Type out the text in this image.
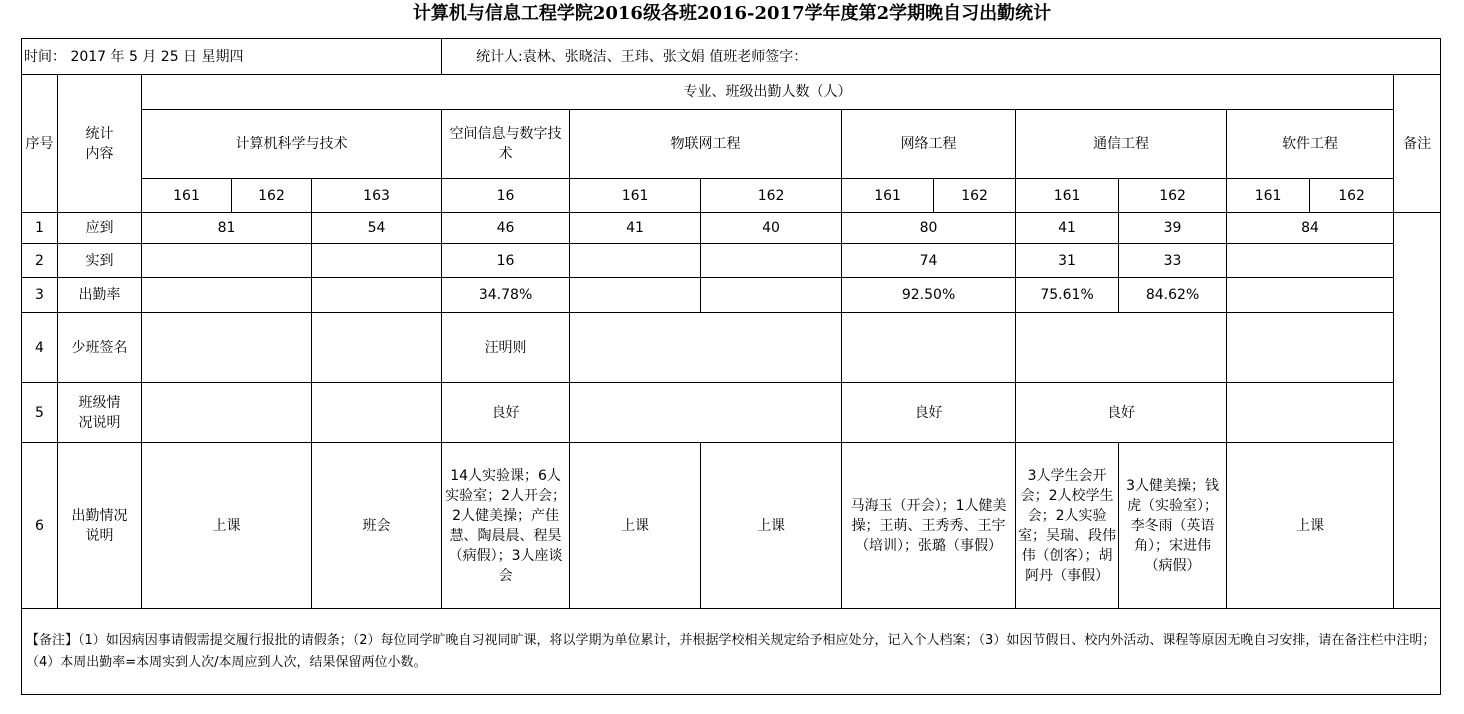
计算机与信息工程学院2016级各班2016-2017学年度第2学期晚自习出勤统计
时间： 2017 年 5 月 25 日 星期四					统计人:袁林、张晓洁、王玮、张文娟 值班老师签字：									
序号	统计
内容	专业、班级出勤人数（人）												备注
		计算机科学与技术			空间信息与数字技术	物联网工程		网络工程		通信工程		软件工程		
		161	162	163	16	161	162	161	162	161	162	161	162	
1	应到	81		54	46	41	40	80		41	39	84		
2	实到				16			74		31	33			
3	出勤率				34.78%			92.50%		75.61%	84.62%			
4	少班签名				汪明则									
5	班级情
况说明				良好			良好		良好				
6	出勤情况
说明	上课		班会	14人实验课；6人实验室；2人开会；2人健美操；产佳慧、陶晨晨、程昊（病假）；3人座谈会	上课	上课	马海玉（开会）；1人健美操；王萌、王秀秀、王宇（培训）；张璐（事假）		3人学生会开会；2人校学生会；2人实验室；吴瑞、段伟伟（创客）；胡阿丹（事假）	3人健美操；钱虎（实验室）；李冬雨（英语角）；宋进伟（病假）	上课		
【备注】（1）如因病因事请假需提交履行报批的请假条；（2）每位同学旷晚自习视同旷课，将以学期为单位累计，并根据学校相关规定给予相应处分，记入个人档案；（3）如因节假日、校内外活动、课程等原因无晚自习安排，请在备注栏中注明；（4）本周出勤率=本周实到人次/本周应到人次，结果保留两位小数。														
